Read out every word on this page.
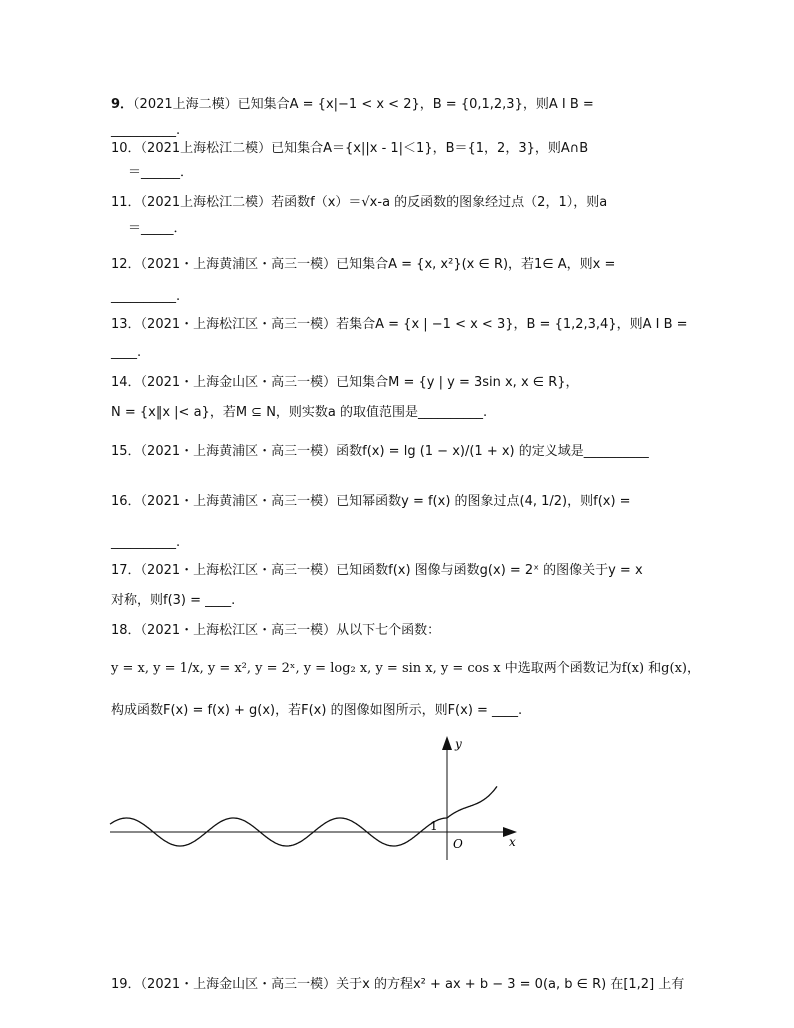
9．（2021上海二模）已知集合A = {x|−1 < x < 2}，B = {0,1,2,3}，则A I B =
__________.
10．（2021上海松江二模）已知集合A＝{x||x - 1|＜1}，B＝{1，2，3}，则A∩B
＝______．
11．（2021上海松江二模）若函数f（x）＝√x-a 的反函数的图象经过点（2，1），则a
＝_____．
12．（2021・上海黄浦区・高三一模）已知集合A = {x, x²}(x ∈ R)，若1∈ A，则x =
__________.
13．（2021・上海松江区・高三一模）若集合A = {x | −1 < x < 3}，B = {1,2,3,4}，则A I B =
____.
14．（2021・上海金山区・高三一模）已知集合M = {y | y = 3sin x, x ∈ R}，
N = {x‖x |< a}，若M ⊆ N，则实数a 的取值范围是__________.
15．（2021・上海黄浦区・高三一模）函数f(x) = lg (1 − x)/(1 + x) 的定义域是__________
16．（2021・上海黄浦区・高三一模）已知幂函数y = f(x) 的图象过点(4, 1/2)，则f(x) =
__________.
17．（2021・上海松江区・高三一模）已知函数f(x) 图像与函数g(x) = 2ˣ 的图像关于y = x
对称，则f(3) = ____.
18．（2021・上海松江区・高三一模）从以下七个函数：
y = x, y = 1/x, y = x², y = 2ˣ, y = log₂ x, y = sin x, y = cos x 中选取两个函数记为f(x) 和g(x)，
构成函数F(x) = f(x) + g(x)，若F(x) 的图像如图所示，则F(x) = ____.
y
x
O
1
19．（2021・上海金山区・高三一模）关于x 的方程x² + ax + b − 3 = 0(a, b ∈ R) 在[1,2] 上有
